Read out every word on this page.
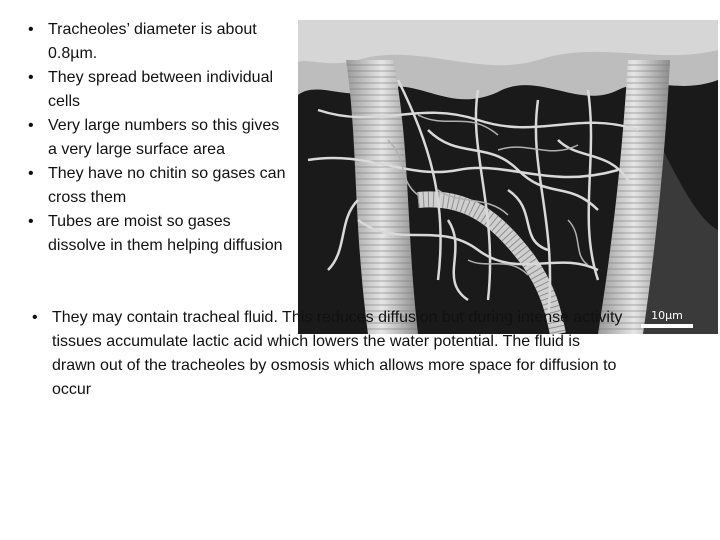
10µm
• Tracheoles’ diameter is about 0.8µm.
• They spread between individual cells
• Very large numbers so this gives a very large surface area
• They have no chitin so gases can cross them
• Tubes are moist so gases dissolve in them helping diffusion
• They may contain tracheal fluid. This reduces diffusion but during intense activity tissues accumulate lactic acid which lowers the water potential. The fluid is drawn out of the tracheoles by osmosis which allows more space for diffusion to occur
